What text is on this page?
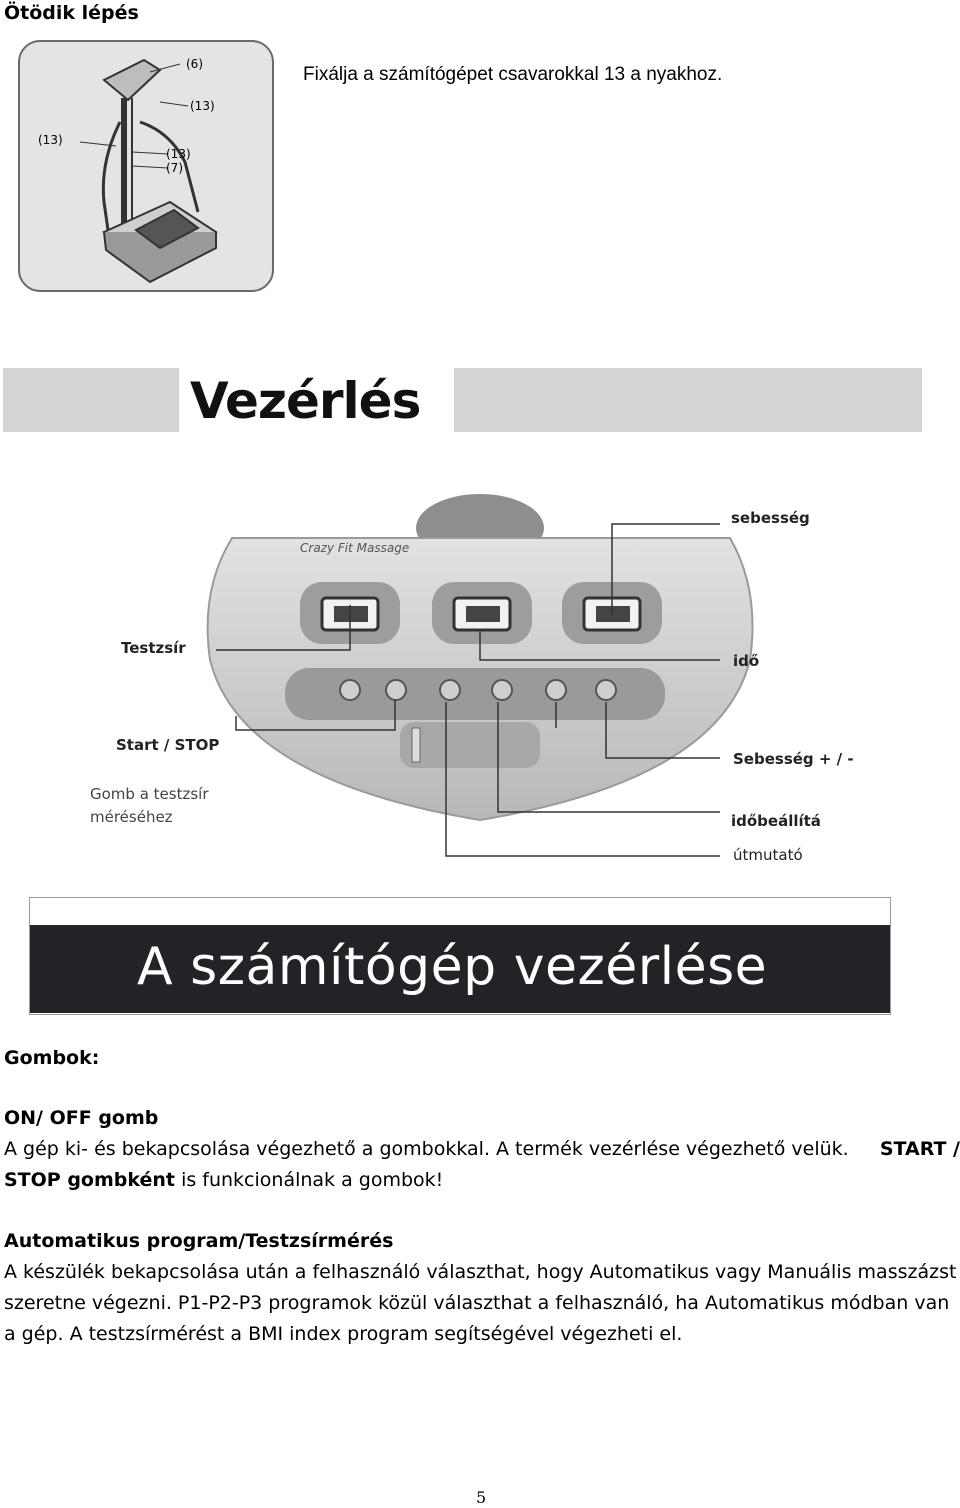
Ötödik lépés
(6)
(13)
(13)
(13)
(7)
Fixálja a számítógépet csavarokkal 13 a nyakhoz.
Vezérlés
Crazy Fit Massage
sebesség
Testzsír
idő
Start / STOP
Sebesség + / -
Gomb a testzsír
méréséhez	időbeállítá
útmutató
A számítógép vezérlése
Gombok:
ON/ OFF gomb
A gép ki- és bekapcsolása végezhető a gombokkal. A termék vezérlése végezhető velük. START /
STOP gombként is funkcionálnak a gombok!
Automatikus program/Testzsírmérés
A készülék bekapcsolása után a felhasználó választhat, hogy Automatikus vagy Manuális masszázst
szeretne végezni. P1-P2-P3 programok közül választhat a felhasználó, ha Automatikus módban van
a gép. A testzsírmérést a BMI index program segítségével végezheti el.
5
